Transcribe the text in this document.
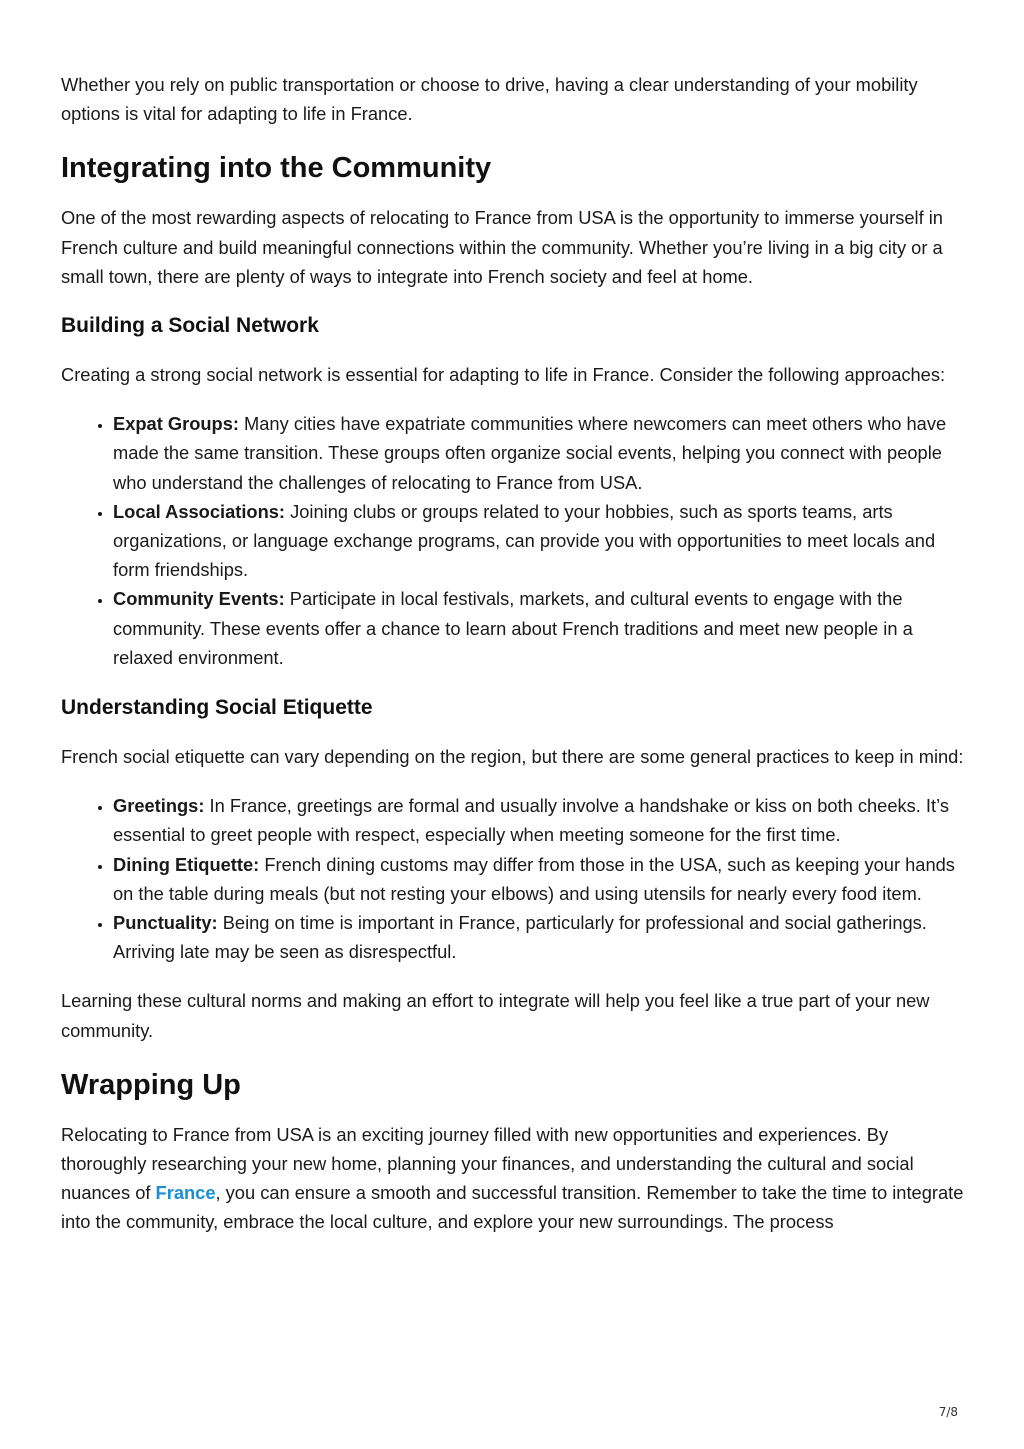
Whether you rely on public transportation or choose to drive, having a clear understanding of your mobility options is vital for adapting to life in France.

Integrating into the Community

One of the most rewarding aspects of relocating to France from USA is the opportunity to immerse yourself in French culture and build meaningful connections within the community. Whether you’re living in a big city or a small town, there are plenty of ways to integrate into French society and feel at home.

Building a Social Network

Creating a strong social network is essential for adapting to life in France. Consider the following approaches:

• Expat Groups: Many cities have expatriate communities where newcomers can meet others who have made the same transition. These groups often organize social events, helping you connect with people who understand the challenges of relocating to France from USA.
• Local Associations: Joining clubs or groups related to your hobbies, such as sports teams, arts organizations, or language exchange programs, can provide you with opportunities to meet locals and form friendships.
• Community Events: Participate in local festivals, markets, and cultural events to engage with the community. These events offer a chance to learn about French traditions and meet new people in a relaxed environment.
Understanding Social Etiquette

French social etiquette can vary depending on the region, but there are some general practices to keep in mind:

• Greetings: In France, greetings are formal and usually involve a handshake or kiss on both cheeks. It’s essential to greet people with respect, especially when meeting someone for the first time.
• Dining Etiquette: French dining customs may differ from those in the USA, such as keeping your hands on the table during meals (but not resting your elbows) and using utensils for nearly every food item.
• Punctuality: Being on time is important in France, particularly for professional and social gatherings. Arriving late may be seen as disrespectful.

Learning these cultural norms and making an effort to integrate will help you feel like a true part of your new community.

Wrapping Up

Relocating to France from USA is an exciting journey filled with new opportunities and experiences. By thoroughly researching your new home, planning your finances, and understanding the cultural and social nuances of France, you can ensure a smooth and successful transition. Remember to take the time to integrate into the community, embrace the local culture, and explore your new surroundings. The process

7/8
